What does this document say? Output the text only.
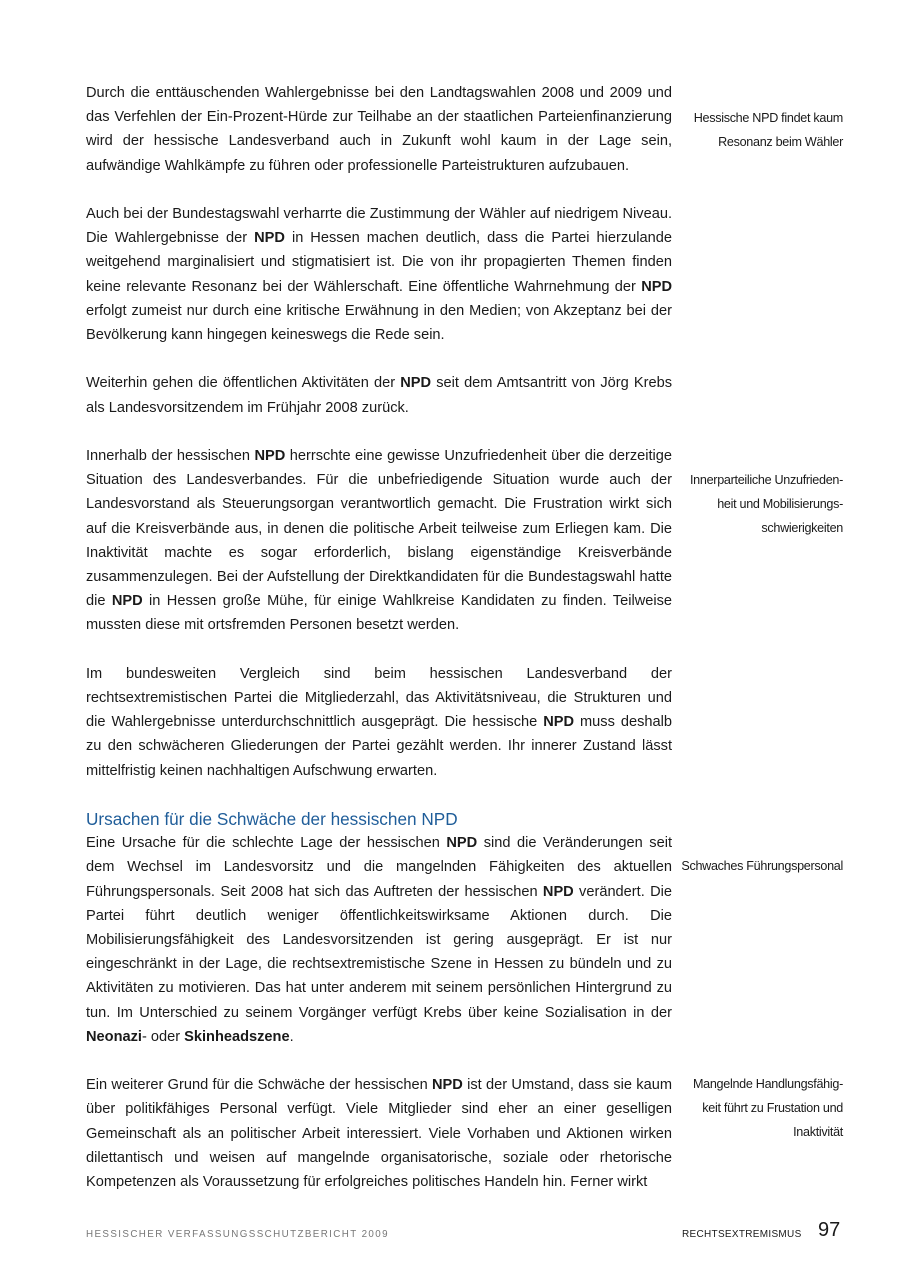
Durch die enttäuschenden Wahlergebnisse bei den Landtagswahlen 2008 und 2009 und das Verfehlen der Ein-Prozent-Hürde zur Teilhabe an der staatlichen Parteienfinanzierung wird der hessische Landesverband auch in Zukunft wohl kaum in der Lage sein, aufwändige Wahlkämpfe zu führen oder professionelle Parteistrukturen aufzubauen.

Auch bei der Bundestagswahl verharrte die Zustimmung der Wähler auf niedrigem Niveau. Die Wahlergebnisse der NPD in Hessen machen deutlich, dass die Partei hierzulande weitgehend marginalisiert und stigmatisiert ist. Die von ihr propagierten Themen finden keine relevante Resonanz bei der Wählerschaft. Eine öffentliche Wahrnehmung der NPD erfolgt zumeist nur durch eine kritische Erwähnung in den Medien; von Akzeptanz bei der Bevölkerung kann hingegen keineswegs die Rede sein.

Weiterhin gehen die öffentlichen Aktivitäten der NPD seit dem Amtsantritt von Jörg Krebs als Landesvorsitzendem im Frühjahr 2008 zurück.

Innerhalb der hessischen NPD herrschte eine gewisse Unzufriedenheit über die derzeitige Situation des Landesverbandes. Für die unbefriedigende Situation wurde auch der Landesvorstand als Steuerungsorgan verantwortlich gemacht. Die Frustration wirkt sich auf die Kreisverbände aus, in denen die politische Arbeit teilweise zum Erliegen kam. Die Inaktivität machte es sogar erforderlich, bislang eigenständige Kreisverbände zusammenzulegen. Bei der Aufstellung der Direktkandidaten für die Bundestagswahl hatte die NPD in Hessen große Mühe, für einige Wahlkreise Kandidaten zu finden. Teilweise mussten diese mit ortsfremden Personen besetzt werden.

Im bundesweiten Vergleich sind beim hessischen Landesverband der rechtsextremistischen Partei die Mitgliederzahl, das Aktivitätsniveau, die Strukturen und die Wahlergebnisse unterdurchschnittlich ausgeprägt. Die hessische NPD muss deshalb zu den schwächeren Gliederungen der Partei gezählt werden. Ihr innerer Zustand lässt mittelfristig keinen nachhaltigen Aufschwung erwarten.

Ursachen für die Schwäche der hessischen NPD

Eine Ursache für die schlechte Lage der hessischen NPD sind die Veränderungen seit dem Wechsel im Landesvorsitz und die mangelnden Fähigkeiten des aktuellen Führungspersonals. Seit 2008 hat sich das Auftreten der hessischen NPD verändert. Die Partei führt deutlich weniger öffentlichkeitswirksame Aktionen durch. Die Mobilisierungsfähigkeit des Landesvorsitzenden ist gering ausgeprägt. Er ist nur eingeschränkt in der Lage, die rechtsextremistische Szene in Hessen zu bündeln und zu Aktivitäten zu motivieren. Das hat unter anderem mit seinem persönlichen Hintergrund zu tun. Im Unterschied zu seinem Vorgänger verfügt Krebs über keine Sozialisation in der Neonazi- oder Skinheadszene.

Ein weiterer Grund für die Schwäche der hessischen NPD ist der Umstand, dass sie kaum über politikfähiges Personal verfügt. Viele Mitglieder sind eher an einer geselligen Gemeinschaft als an politischer Arbeit interessiert. Viele Vorhaben und Aktionen wirken dilettantisch und weisen auf mangelnde organisatorische, soziale oder rhetorische Kompetenzen als Voraussetzung für erfolgreiches politisches Handeln hin. Ferner wirkt

Hessische NPD findet kaum
Resonanz beim Wähler
Innerparteiliche Unzufrieden-
heit und Mobilisierungs-
schwierigkeiten
Schwaches Führungspersonal
Mangelnde Handlungsfähig-
keit führt zu Frustation und
Inaktivität
HESSISCHER VERFASSUNGSSCHUTZBERICHT 2009	RECHTSEXTREMISMUS 97
